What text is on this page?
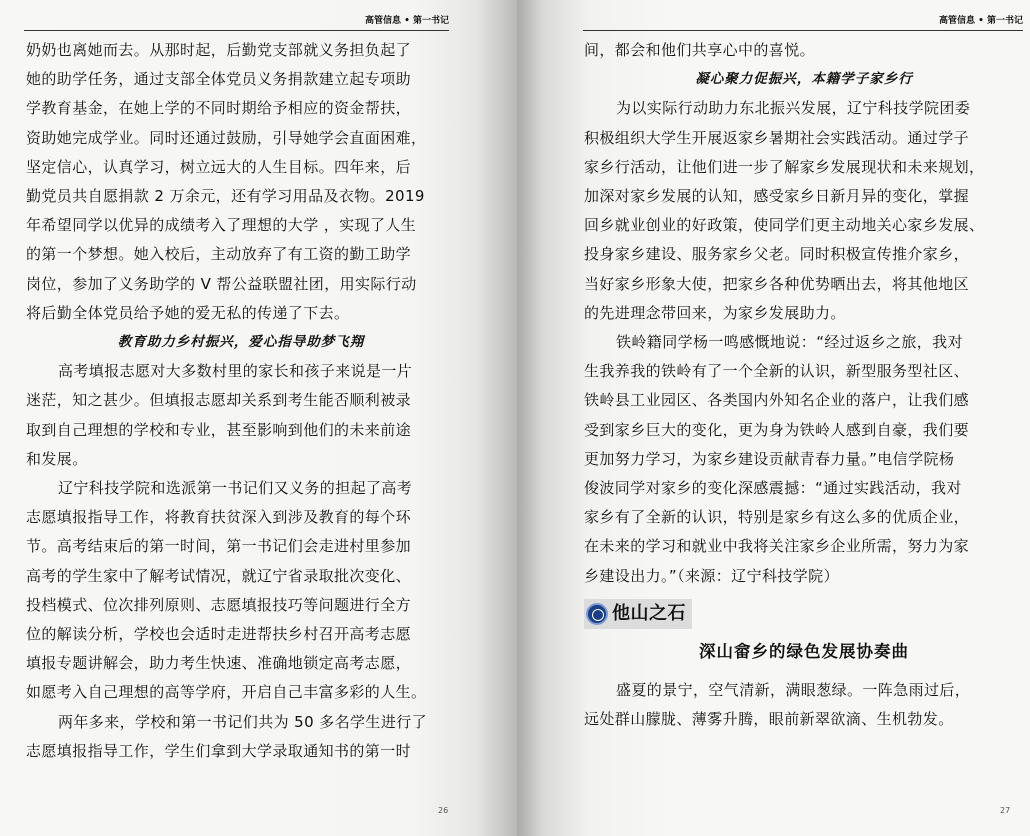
高管信息 • 第一书记
奶奶也离她而去。从那时起，后勤党支部就义务担负起了
她的助学任务，通过支部全体党员义务捐款建立起专项助
学教育基金，在她上学的不同时期给予相应的资金帮扶，
资助她完成学业。同时还通过鼓励，引导她学会直面困难，
坚定信心，认真学习，树立远大的人生目标。四年来，后
勤党员共自愿捐款 2 万余元，还有学习用品及衣物。2019
年希望同学以优异的成绩考入了理想的大学 ，实现了人生
的第一个梦想。她入校后，主动放弃了有工资的勤工助学
岗位，参加了义务助学的 V 帮公益联盟社团，用实际行动
将后勤全体党员给予她的爱无私的传递了下去。
教育助力乡村振兴，爱心指导助梦飞翔
高考填报志愿对大多数村里的家长和孩子来说是一片
迷茫，知之甚少。但填报志愿却关系到考生能否顺利被录
取到自己理想的学校和专业，甚至影响到他们的未来前途
和发展。
辽宁科技学院和选派第一书记们又义务的担起了高考
志愿填报指导工作，将教育扶贫深入到涉及教育的每个环
节。高考结束后的第一时间，第一书记们会走进村里参加
高考的学生家中了解考试情况，就辽宁省录取批次变化、
投档模式、位次排列原则、志愿填报技巧等问题进行全方
位的解读分析，学校也会适时走进帮扶乡村召开高考志愿
填报专题讲解会，助力考生快速、准确地锁定高考志愿，
如愿考入自己理想的高等学府，开启自己丰富多彩的人生。
两年多来，学校和第一书记们共为 50 多名学生进行了
志愿填报指导工作，学生们拿到大学录取通知书的第一时
26
高管信息 • 第一书记
间，都会和他们共享心中的喜悦。
凝心聚力促振兴，本籍学子家乡行
为以实际行动助力东北振兴发展，辽宁科技学院团委
积极组织大学生开展返家乡暑期社会实践活动。通过学子
家乡行活动，让他们进一步了解家乡发展现状和未来规划，
加深对家乡发展的认知，感受家乡日新月异的变化，掌握
回乡就业创业的好政策，使同学们更主动地关心家乡发展、
投身家乡建设、服务家乡父老。同时积极宣传推介家乡，
当好家乡形象大使，把家乡各种优势晒出去，将其他地区
的先进理念带回来，为家乡发展助力。
铁岭籍同学杨一鸣感慨地说：“经过返乡之旅，我对
生我养我的铁岭有了一个全新的认识，新型服务型社区、
铁岭县工业园区、各类国内外知名企业的落户，让我们感
受到家乡巨大的变化，更为身为铁岭人感到自豪，我们要
更加努力学习，为家乡建设贡献青春力量。”电信学院杨
俊波同学对家乡的变化深感震撼：“通过实践活动，我对
家乡有了全新的认识，特别是家乡有这么多的优质企业，
在未来的学习和就业中我将关注家乡企业所需，努力为家
乡建设出力。”（来源：辽宁科技学院）
他山之石
深山畲乡的绿色发展协奏曲
盛夏的景宁，空气清新，满眼葱绿。一阵急雨过后，
远处群山朦胧、薄雾升腾，眼前新翠欲滴、生机勃发。
27
